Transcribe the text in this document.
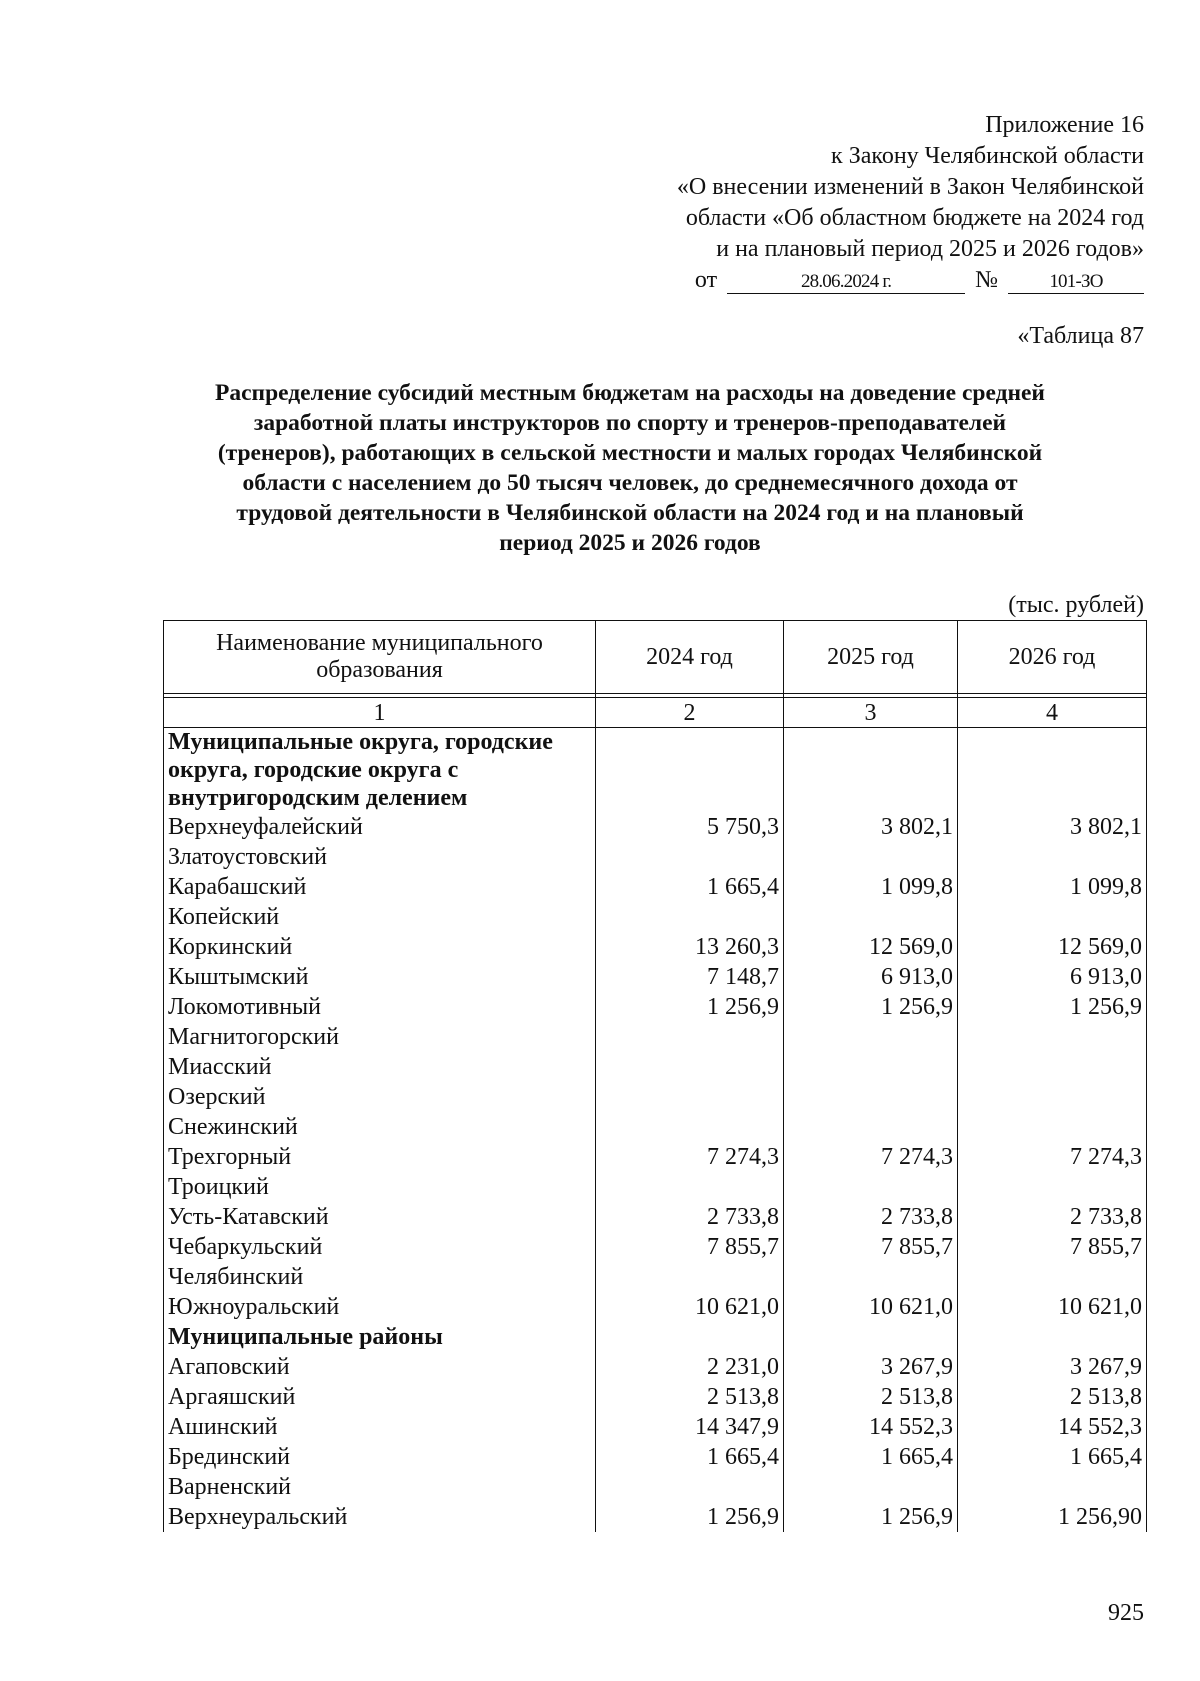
Приложение 16
к Закону Челябинской области
«О внесении изменений в Закон Челябинской
области «Об областном бюджете на 2024 год
и на плановый период 2025 и 2026 годов»
от	28.06.2024 г.	№	101-ЗО
«Таблица 87
Распределение субсидий местным бюджетам на расходы на доведение средней
заработной платы инструкторов по спорту и тренеров-преподавателей
(тренеров), работающих в сельской местности и малых городах Челябинской
области с населением до 50 тысяч человек, до среднемесячного дохода от
трудовой деятельности в Челябинской области на 2024 год и на плановый
период 2025 и 2026 годов
(тыс. рублей)
Наименование муниципального образования	2024 год	2025 год	2026 год

1	2	3	4
Муниципальные округа, городские округа, городские округа с внутригородским делением			
Верхнеуфалейский	5 750,3	3 802,1	3 802,1
Златоустовский			
Карабашский	1 665,4	1 099,8	1 099,8
Копейский			
Коркинский	13 260,3	12 569,0	12 569,0
Кыштымский	7 148,7	6 913,0	6 913,0
Локомотивный	1 256,9	1 256,9	1 256,9
Магнитогорский			
Миасский			
Озерский			
Снежинский			
Трехгорный	7 274,3	7 274,3	7 274,3
Троицкий			
Усть-Катавский	2 733,8	2 733,8	2 733,8
Чебаркульский	7 855,7	7 855,7	7 855,7
Челябинский			
Южноуральский	10 621,0	10 621,0	10 621,0
Муниципальные районы			
Агаповский	2 231,0	3 267,9	3 267,9
Аргаяшский	2 513,8	2 513,8	2 513,8
Ашинский	14 347,9	14 552,3	14 552,3
Брединский	1 665,4	1 665,4	1 665,4
Варненский			
Верхнеуральский	1 256,9	1 256,9	1 256,90
925
